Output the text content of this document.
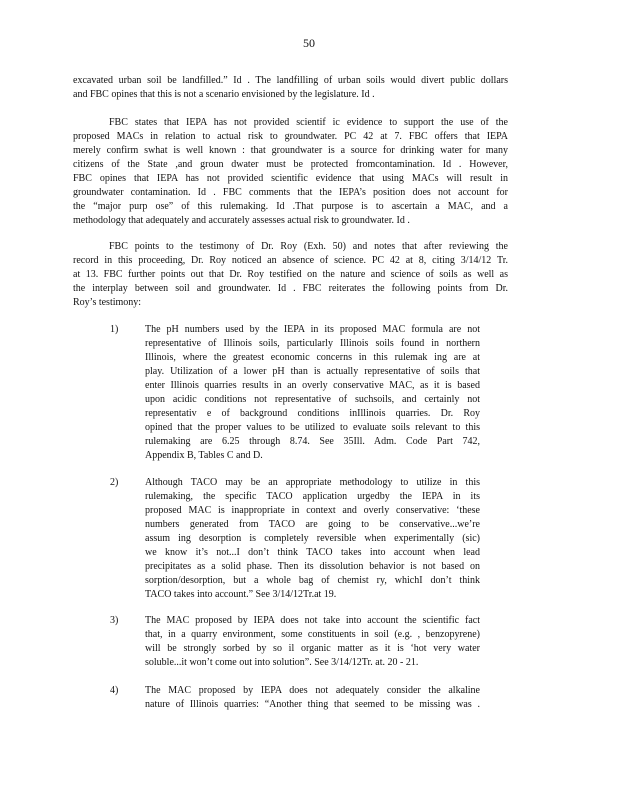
50
excavated urban soil be landfilled.” Id . The landfilling of urban soils would divert public dollars
and FBC opines that this is not a scenario envisioned by the legislature. Id .
FBC states that IEPA has not provided scientif ic evidence to support the use of the
proposed MACs in relation to actual risk to groundwater. PC 42 at 7. FBC offers that IEPA
merely confirm swhat is well known : that groundwater is a source for drinking water for many
citizens of the State ,and groun dwater must be protected fromcontamination. Id . However,
FBC opines that IEPA has not provided scientific evidence that using MACs will result in
groundwater contamination. Id . FBC comments that the IEPA’s position does not account for
the “major purp ose” of this rulemaking. Id .That purpose is to ascertain a MAC, and a
methodology that adequately and accurately assesses actual risk to groundwater. Id .
FBC points to the testimony of Dr. Roy (Exh. 50) and notes that after reviewing the
record in this proceeding, Dr. Roy noticed an absence of science. PC 42 at 8, citing 3/14/12 Tr.
at 13. FBC further points out that Dr. Roy testified on the nature and science of soils as well as
the interplay between soil and groundwater. Id . FBC reiterates the following points from Dr.
Roy’s testimony:
1)	The pH numbers used by the IEPA in its proposed MAC formula are not
representative of Illinois soils, particularly Illinois soils found in northern
Illinois, where the greatest economic concerns in this rulemak ing are at
play. Utilization of a lower pH than is actually representative of soils that
enter Illinois quarries results in an overly conservative MAC, as it is based
upon acidic conditions not representative of suchsoils, and certainly not
representativ e of background conditions inIllinois quarries. Dr. Roy
opined that the proper values to be utilized to evaluate soils relevant to this
rulemaking are 6.25 through 8.74. See 35Ill. Adm. Code Part 742,
Appendix B, Tables C and D.
2)	Although TACO may be an appropriate methodology to utilize in this
rulemaking, the specific TACO application urgedby the IEPA in its
proposed MAC is inappropriate in context and overly conservative: ‘these
numbers generated from TACO are going to be conservative...we’re
assum ing desorption is completely reversible when experimentally (sic)
we know it’s not...I don’t think TACO takes into account when lead
precipitates as a solid phase. Then its dissolution behavior is not based on
sorption/desorption, but a whole bag of chemist ry, whichI don’t think
TACO takes into account.” See 3/14/12Tr.at 19.
3)	The MAC proposed by IEPA does not take into account the scientific fact
that, in a quarry environment, some constituents in soil (e.g. , benzopyrene)
will be strongly sorbed by so il organic matter as it is ‘hot very water
soluble...it won’t come out into solution”. See 3/14/12Tr. at. 20 - 21.
4)	The MAC proposed by IEPA does not adequately consider the alkaline
nature of Illinois quarries: “Another thing that seemed to be missing was .
